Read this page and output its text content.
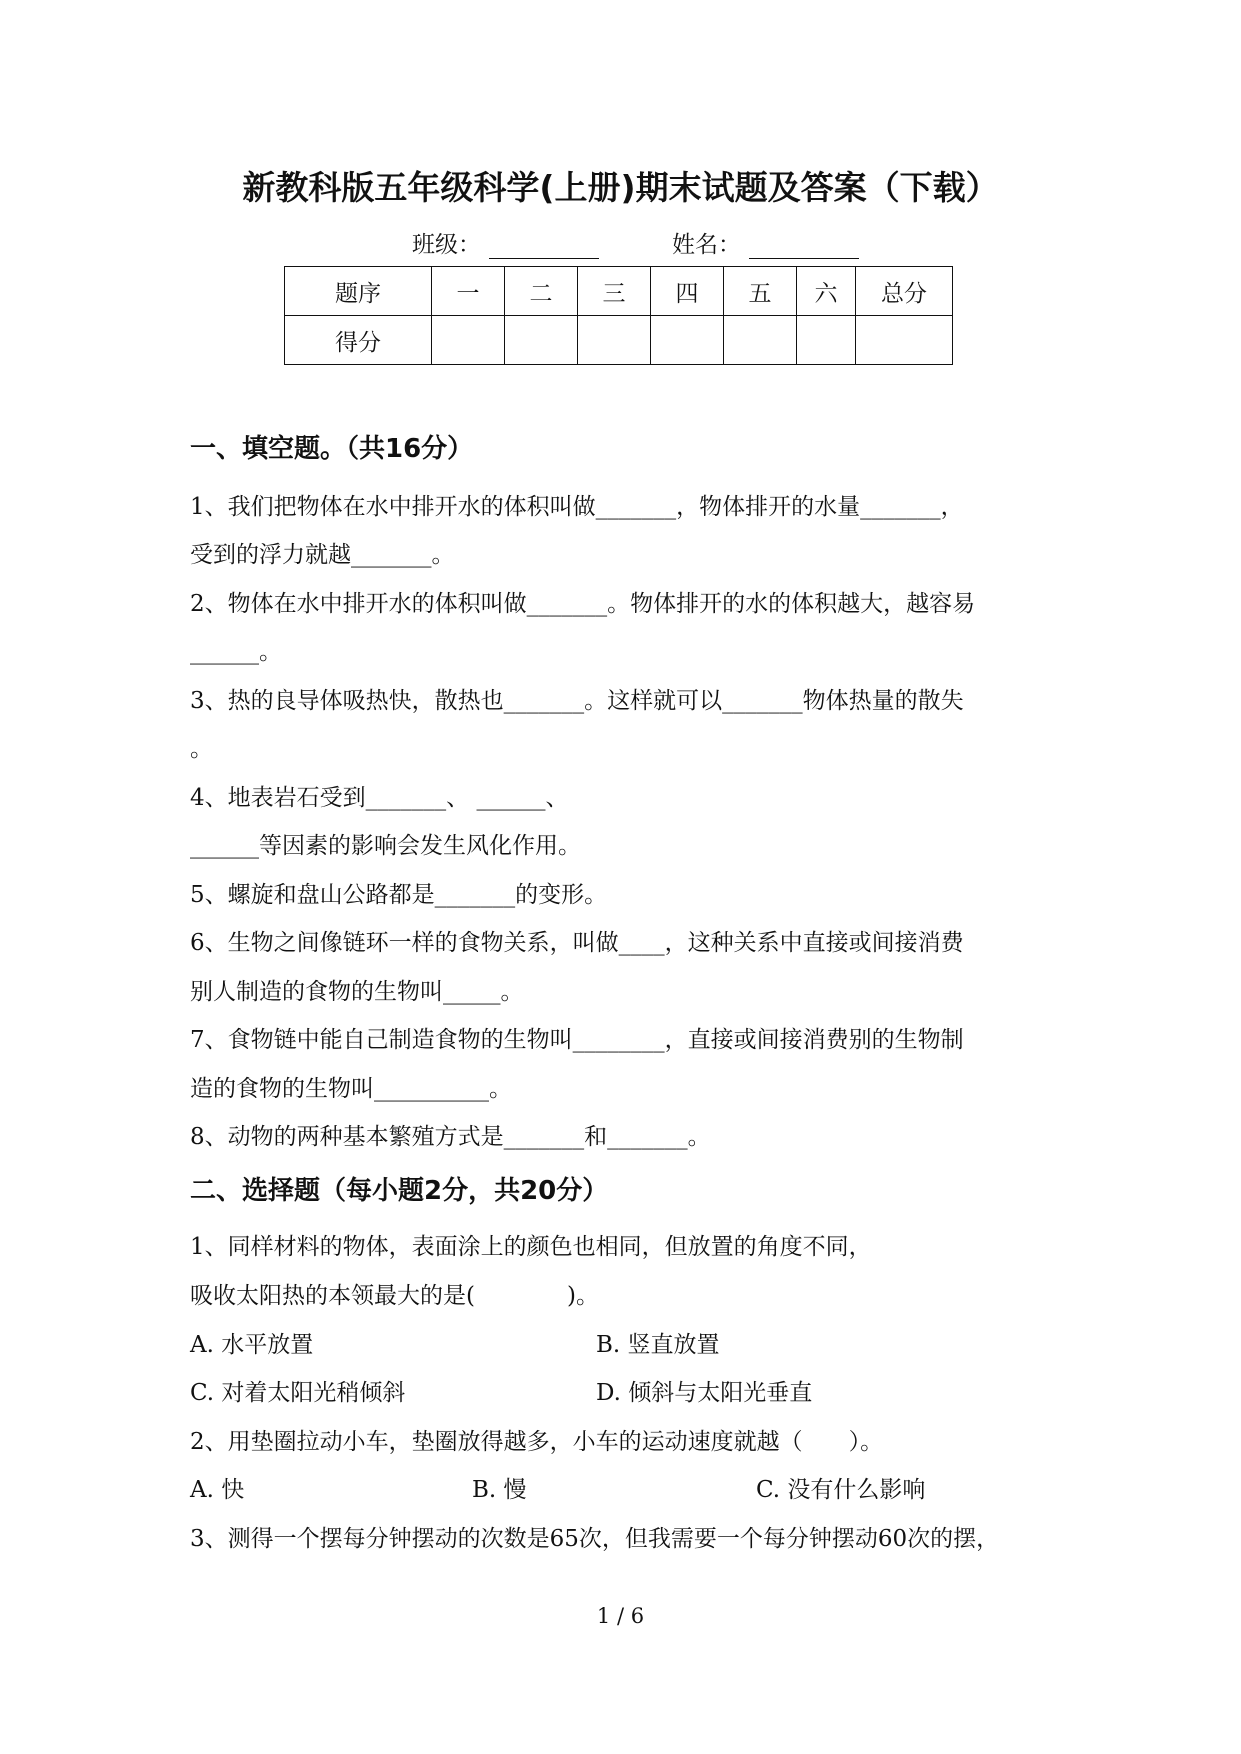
新教科版五年级科学(上册)期末试题及答案（下载）
班级：	姓名：
题序	一	二	三	四	五	六	总分
得分							
一、填空题。（共16分）
1、我们把物体在水中排开水的体积叫做_______，物体排开的水量_______，
受到的浮力就越_______。
2、物体在水中排开水的体积叫做_______。物体排开的水的体积越大，越容易
______。
3、热的良导体吸热快，散热也_______。这样就可以_______物体热量的散失
。
4、地表岩石受到_______、 ______、
______等因素的影响会发生风化作用。
5、螺旋和盘山公路都是_______的变形。
6、生物之间像链环一样的食物关系，叫做____，这种关系中直接或间接消费
别人制造的食物的生物叫_____。
7、食物链中能自己制造食物的生物叫________，直接或间接消费别的生物制
造的食物的生物叫__________。
8、动物的两种基本繁殖方式是_______和_______。
二、选择题（每小题2分，共20分）
1、同样材料的物体，表面涂上的颜色也相同，但放置的角度不同，
吸收太阳热的本领最大的是(　　　　)。
A. 水平放置	B. 竖直放置
C. 对着太阳光稍倾斜	D. 倾斜与太阳光垂直
2、用垫圈拉动小车，垫圈放得越多，小车的运动速度就越（　　）。
A. 快	B. 慢	C. 没有什么影响
3、测得一个摆每分钟摆动的次数是65次，但我需要一个每分钟摆动60次的摆，
1 / 6
